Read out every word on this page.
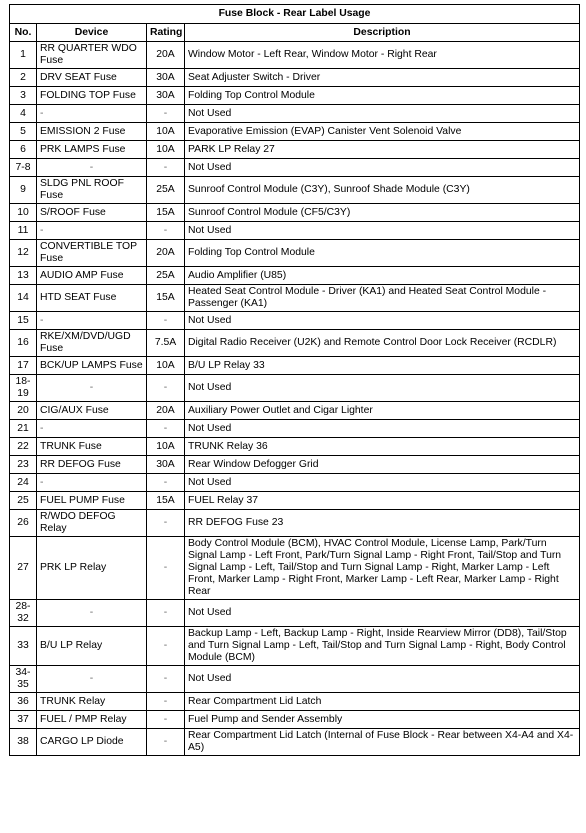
Fuse Block - Rear Label Usage			
No.	Device	Rating	Description
1	RR QUARTER WDO Fuse	20A	Window Motor - Left Rear, Window Motor - Right Rear
2	DRV SEAT Fuse	30A	Seat Adjuster Switch - Driver
3	FOLDING TOP Fuse	30A	Folding Top Control Module
4	-	-	Not Used
5	EMISSION 2 Fuse	10A	Evaporative Emission (EVAP) Canister Vent Solenoid Valve
6	PRK LAMPS Fuse	10A	PARK LP Relay 27
7-8	-	-	Not Used
9	SLDG PNL ROOF Fuse	25A	Sunroof Control Module (C3Y), Sunroof Shade Module (C3Y)
10	S/ROOF Fuse	15A	Sunroof Control Module (CF5/C3Y)
11	-	-	Not Used
12	CONVERTIBLE TOP Fuse	20A	Folding Top Control Module
13	AUDIO AMP Fuse	25A	Audio Amplifier (U85)
14	HTD SEAT Fuse	15A	Heated Seat Control Module - Driver (KA1) and Heated Seat Control Module - Passenger (KA1)
15	-	-	Not Used
16	RKE/XM/DVD/UGD Fuse	7.5A	Digital Radio Receiver (U2K) and Remote Control Door Lock Receiver (RCDLR)
17	BCK/UP LAMPS Fuse	10A	B/U LP Relay 33
18-19	-	-	Not Used
20	CIG/AUX Fuse	20A	Auxiliary Power Outlet and Cigar Lighter
21	-	-	Not Used
22	TRUNK Fuse	10A	TRUNK Relay 36
23	RR DEFOG Fuse	30A	Rear Window Defogger Grid
24	-	-	Not Used
25	FUEL PUMP Fuse	15A	FUEL Relay 37
26	R/WDO DEFOG Relay	-	RR DEFOG Fuse 23
27	PRK LP Relay	-	Body Control Module (BCM), HVAC Control Module, License Lamp, Park/Turn Signal Lamp - Left Front, Park/Turn Signal Lamp - Right Front, Tail/Stop and Turn Signal Lamp - Left, Tail/Stop and Turn Signal Lamp - Right, Marker Lamp - Left Front, Marker Lamp - Right Front, Marker Lamp - Left Rear, Marker Lamp - Right Rear
28-32	-	-	Not Used
33	B/U LP Relay	-	Backup Lamp - Left, Backup Lamp - Right, Inside Rearview Mirror (DD8), Tail/Stop and Turn Signal Lamp - Left, Tail/Stop and Turn Signal Lamp - Right, Body Control Module (BCM)
34-35	-	-	Not Used
36	TRUNK Relay	-	Rear Compartment Lid Latch
37	FUEL / PMP Relay	-	Fuel Pump and Sender Assembly
38	CARGO LP Diode	-	Rear Compartment Lid Latch (Internal of Fuse Block - Rear between X4-A4 and X4-A5)
